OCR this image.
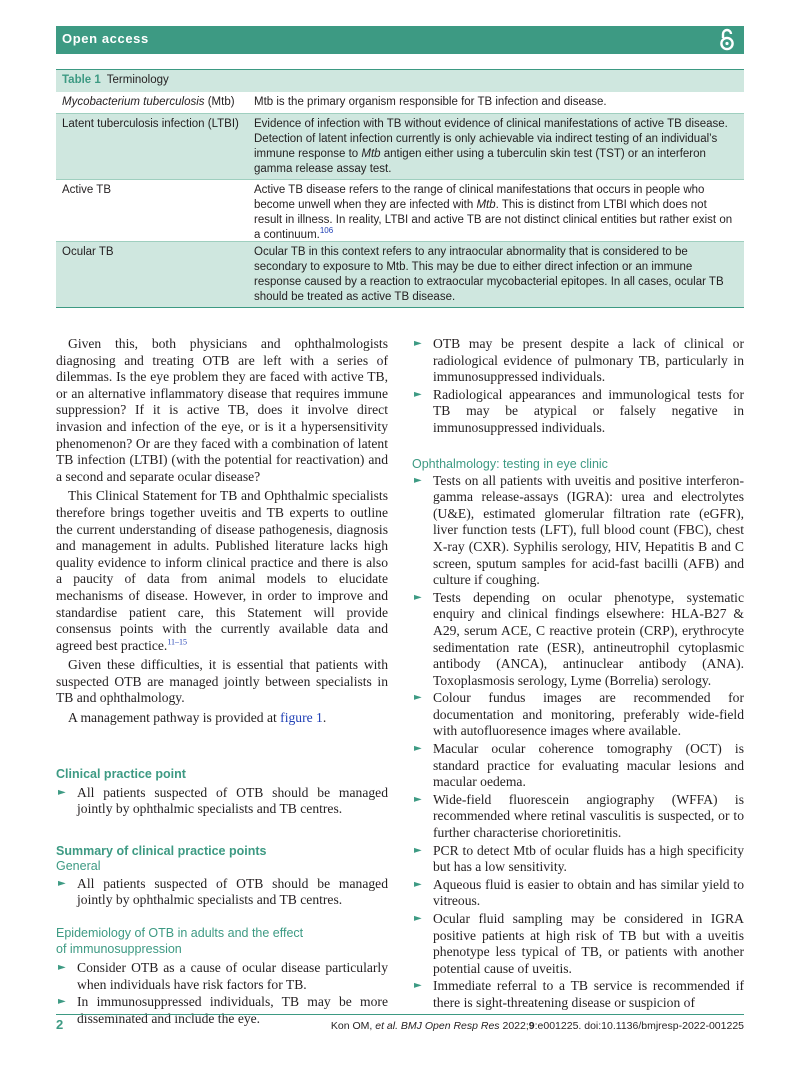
Open access
Table 1 Terminology
Mycobacterium tuberculosis (Mtb)	Mtb is the primary organism responsible for TB infection and disease.
Latent tuberculosis infection (LTBI)	Evidence of infection with TB without evidence of clinical manifestations of active TB disease. Detection of latent infection currently is only achievable via indirect testing of an individual’s immune response to Mtb antigen either using a tuberculin skin test (TST) or an interferon gamma release assay test.
Active TB	Active TB disease refers to the range of clinical manifestations that occurs in people who become unwell when they are infected with Mtb. This is distinct from LTBI which does not result in illness. In reality, LTBI and active TB are not distinct clinical entities but rather exist on a continuum.$^{106}$
Ocular TB	Ocular TB in this context refers to any intraocular abnormality that is considered to be secondary to exposure to Mtb. This may be due to either direct infection or an immune response caused by a reaction to extraocular mycobacterial epitopes. In all cases, ocular TB should be treated as active TB disease.

Given this, both physicians and ophthalmologists diagnosing and treating OTB are left with a series of dilemmas. Is the eye problem they are faced with active TB, or an alternative inflammatory disease that requires immune suppression? If it is active TB, does it involve direct invasion and infection of the eye, or is it a hypersensitivity phenomenon? Or are they faced with a combination of latent TB infection (LTBI) (with the potential for reactivation) and a second and separate ocular disease?

This Clinical Statement for TB and Ophthalmic specialists therefore brings together uveitis and TB experts to outline the current understanding of disease pathogenesis, diagnosis and management in adults. Published literature lacks high quality evidence to inform clinical practice and there is also a paucity of data from animal models to elucidate mechanisms of disease. However, in order to improve and standardise patient care, this Statement will provide consensus points with the currently available data and agreed best practice.$^{11-15}$

Given these difficulties, it is essential that patients with suspected OTB are managed jointly between specialists in TB and ophthalmology.

A management pathway is provided at figure 1.

Clinical practice point

► All patients suspected of OTB should be managed jointly by ophthalmic specialists and TB centres.

Summary of clinical practice points

General

► All patients suspected of OTB should be managed jointly by ophthalmic specialists and TB centres.

Epidemiology of OTB in adults and the effect of immunosuppression

► Consider OTB as a cause of ocular disease particularly when individuals have risk factors for TB.
► In immunosuppressed individuals, TB may be more disseminated and include the eye.
► OTB may be present despite a lack of clinical or radiological evidence of pulmonary TB, particularly in immunosuppressed individuals.
► Radiological appearances and immunological tests for TB may be atypical or falsely negative in immunosuppressed individuals.

Ophthalmology: testing in eye clinic

► Tests on all patients with uveitis and positive interferon-gamma release-assays (IGRA): urea and electrolytes (U&E), estimated glomerular filtration rate (eGFR), liver function tests (LFT), full blood count (FBC), chest X-ray (CXR). Syphilis serology, HIV, Hepatitis B and C screen, sputum samples for acid-fast bacilli (AFB) and culture if coughing.
► Tests depending on ocular phenotype, systematic enquiry and clinical findings elsewhere: HLA-B27 & A29, serum ACE, C reactive protein (CRP), erythrocyte sedimentation rate (ESR), antineutrophil cytoplasmic antibody (ANCA), antinuclear antibody (ANA). Toxoplasmosis serology, Lyme (Borrelia) serology.
► Colour fundus images are recommended for documentation and monitoring, preferably wide-field with autofluoresence images where available.
► Macular ocular coherence tomography (OCT) is standard practice for evaluating macular lesions and macular oedema.
► Wide-field fluorescein angiography (WFFA) is recommended where retinal vasculitis is suspected, or to further characterise chorioretinitis.
► PCR to detect Mtb of ocular fluids has a high specificity but has a low sensitivity.
► Aqueous fluid is easier to obtain and has similar yield to vitreous.
► Ocular fluid sampling may be considered in IGRA positive patients at high risk of TB but with a uveitis phenotype less typical of TB, or patients with another potential cause of uveitis.
► Immediate referral to a TB service is recommended if there is sight-threatening disease or suspicion of
2	Kon OM, et al. BMJ Open Resp Res 2022;9:e001225. doi:10.1136/bmjresp-2022-001225
